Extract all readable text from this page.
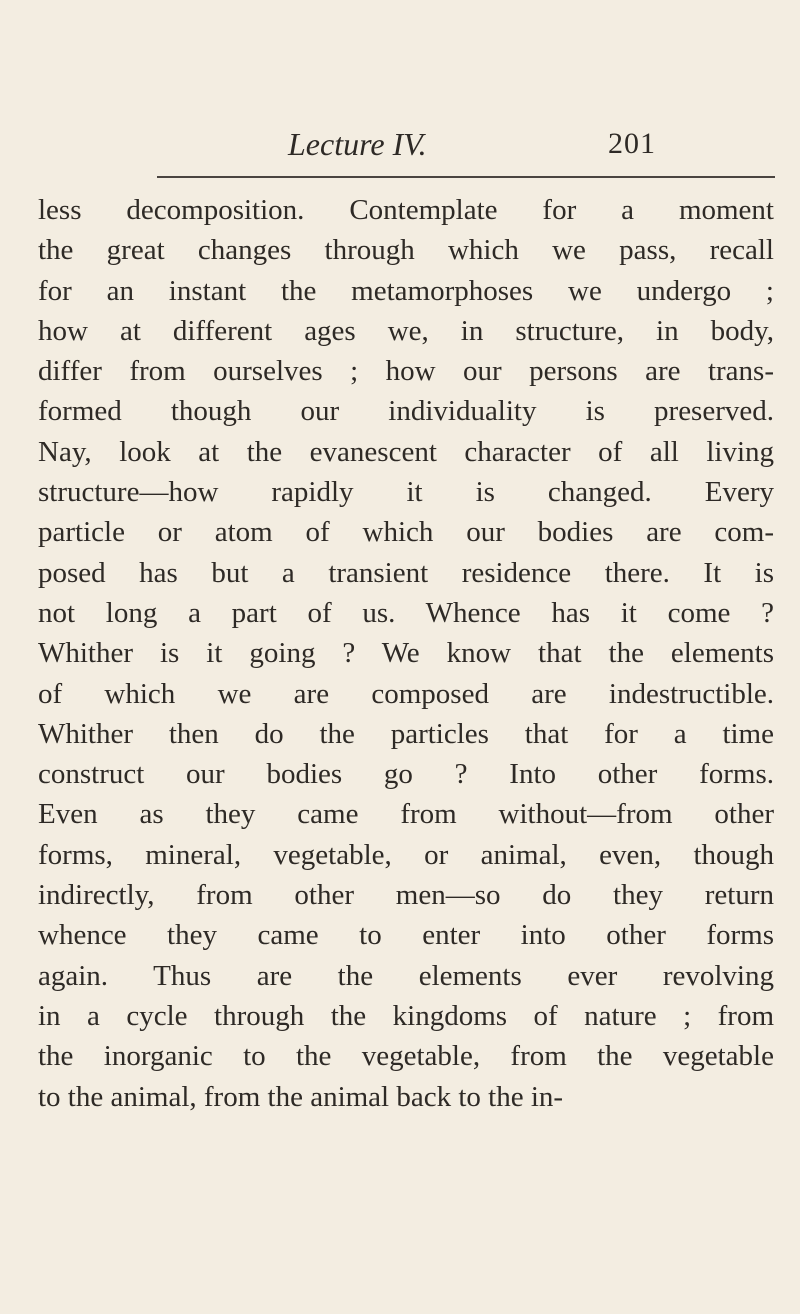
Lecture IV.	201
less decomposition. Contemplate for a moment
the great changes through which we pass, recall
for an instant the metamorphoses we undergo ;
how at different ages we, in structure, in body,
differ from ourselves ; how our persons are trans-
formed though our individuality is preserved.
Nay, look at the evanescent character of all living
structure—how rapidly it is changed. Every
particle or atom of which our bodies are com-
posed has but a transient residence there. It is
not long a part of us. Whence has it come ?
Whither is it going ? We know that the elements
of which we are composed are indestructible.
Whither then do the particles that for a time
construct our bodies go ? Into other forms.
Even as they came from without—from other
forms, mineral, vegetable, or animal, even, though
indirectly, from other men—so do they return
whence they came to enter into other forms
again. Thus are the elements ever revolving
in a cycle through the kingdoms of nature ; from
the inorganic to the vegetable, from the vegetable
to the animal, from the animal back to the in-
